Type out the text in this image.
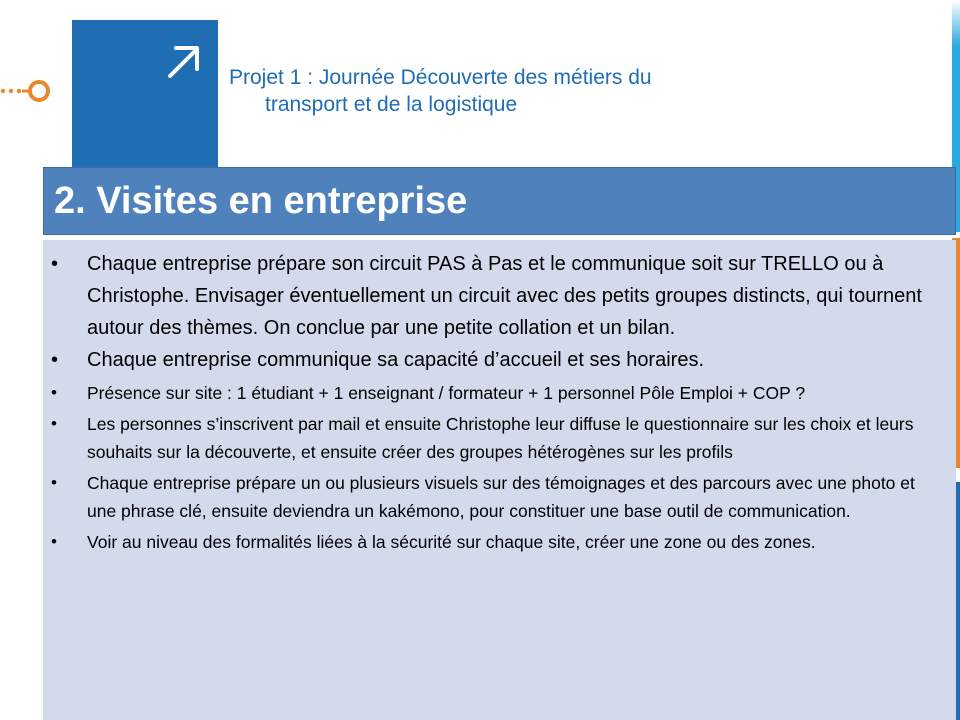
Projet 1 : Journée Découverte des métiers du
transport et de la logistique
2. Visites en entreprise
• Chaque entreprise prépare son circuit PAS à Pas et le communique soit sur TRELLO ou à Christophe. Envisager éventuellement un circuit avec des petits groupes distincts, qui tournent autour des thèmes. On conclue par une petite collation et un bilan.
• Chaque entreprise communique sa capacité d’accueil et ses horaires.
• Présence sur site : 1 étudiant + 1 enseignant / formateur + 1 personnel Pôle Emploi + COP ?
• Les personnes s’inscrivent par mail et ensuite Christophe leur diffuse le questionnaire sur les choix et leurs souhaits sur la découverte, et ensuite créer des groupes hétérogènes sur les profils
• Chaque entreprise prépare un ou plusieurs visuels sur des témoignages et des parcours avec une photo et une phrase clé, ensuite deviendra un kakémono, pour constituer une base outil de communication.
• Voir au niveau des formalités liées à la sécurité sur chaque site, créer une zone ou des zones.
